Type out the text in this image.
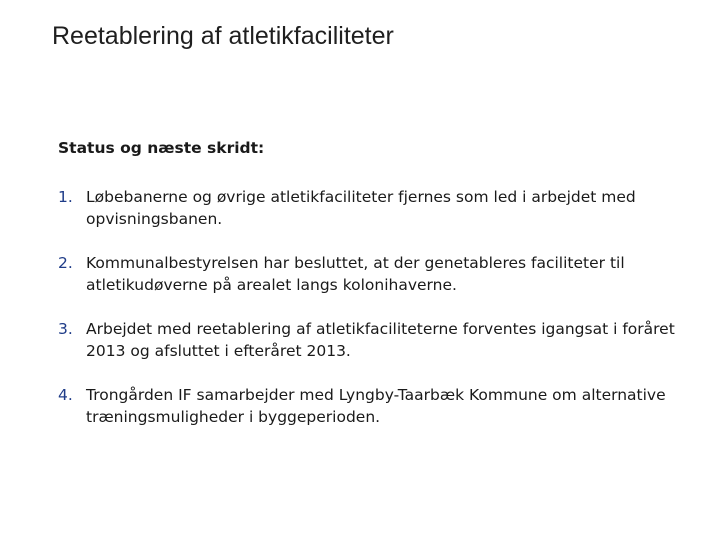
Reetablering af atletikfaciliteter
Status og næste skridt:
1. Løbebanerne og øvrige atletikfaciliteter fjernes som led i arbejdet med opvisningsbanen.
2. Kommunalbestyrelsen har besluttet, at der genetableres faciliteter til atletikudøverne på arealet langs kolonihaverne.
3. Arbejdet med reetablering af atletikfaciliteterne forventes igangsat i foråret 2013 og afsluttet i efteråret 2013.
4. Trongården IF samarbejder med Lyngby-Taarbæk Kommune om alternative træningsmuligheder i byggeperioden.
